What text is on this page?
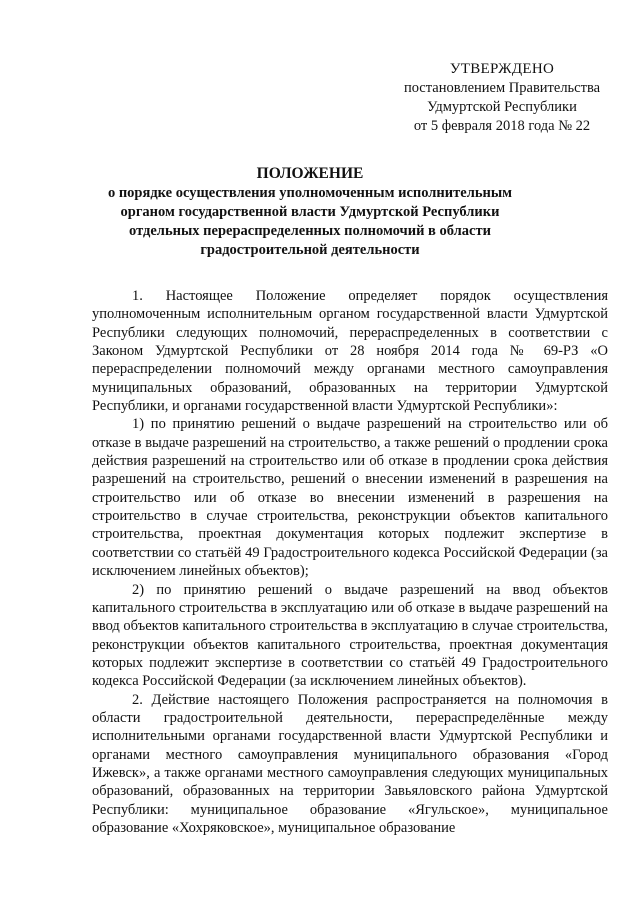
УТВЕРЖДЕНО
постановлением Правительства
Удмуртской Республики
от 5 февраля 2018 года № 22
ПОЛОЖЕНИЕ
о порядке осуществления уполномоченным исполнительным органом государственной власти Удмуртской Республики отдельных перераспределенных полномочий в области градостроительной деятельности

1. Настоящее Положение определяет порядок осуществления уполномоченным исполнительным органом государственной власти Удмуртской Республики следующих полномочий, перераспределенных в соответствии с Законом Удмуртской Республики от 28 ноября 2014 года № 69-РЗ «О перераспределении полномочий между органами местного самоуправления муниципальных образований, образованных на территории Удмуртской Республики, и органами государственной власти Удмуртской Республики»:

1) по принятию решений о выдаче разрешений на строительство или об отказе в выдаче разрешений на строительство, а также решений о продлении срока действия разрешений на строительство или об отказе в продлении срока действия разрешений на строительство, решений о внесении изменений в разрешения на строительство или об отказе во внесении изменений в разрешения на строительство в случае строительства, реконструкции объектов капитального строительства, проектная документация которых подлежит экспертизе в соответствии со статьёй 49 Градостроительного кодекса Российской Федерации (за исключением линейных объектов);

2) по принятию решений о выдаче разрешений на ввод объектов капитального строительства в эксплуатацию или об отказе в выдаче разрешений на ввод объектов капитального строительства в эксплуатацию в случае строительства, реконструкции объектов капитального строительства, проектная документация которых подлежит экспертизе в соответствии со статьёй 49 Градостроительного кодекса Российской Федерации (за исключением линейных объектов).

2. Действие настоящего Положения распространяется на полномочия в области градостроительной деятельности, перераспределённые между исполнительными органами государственной власти Удмуртской Республики и органами местного самоуправления муниципального образования «Город Ижевск», а также органами местного самоуправления следующих муниципальных образований, образованных на территории Завьяловского района Удмуртской Республики: муниципальное образование «Ягульское», муниципальное образование «Хохряковское», муниципальное образование
